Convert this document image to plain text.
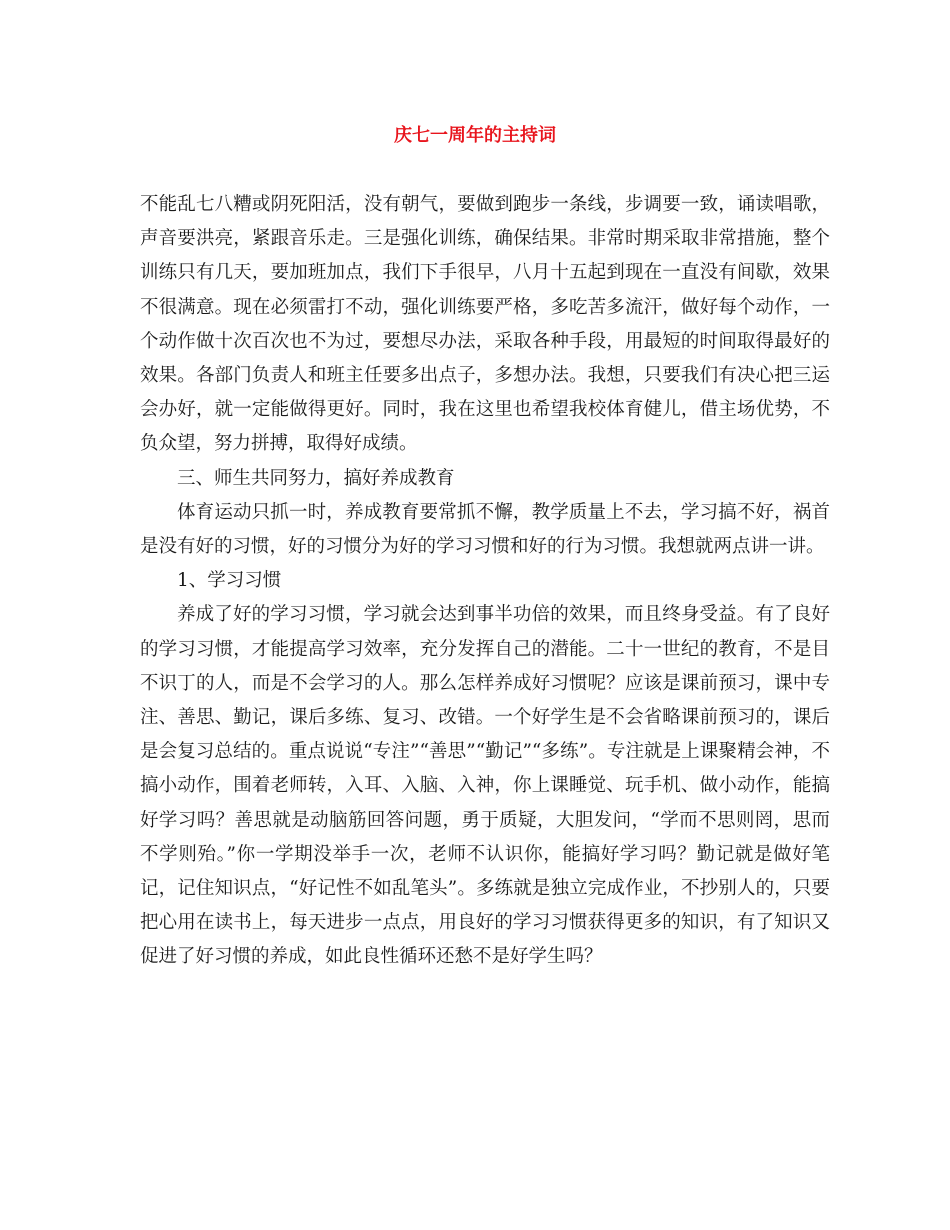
庆七一周年的主持词

不能乱七八糟或阴死阳活，没有朝气，要做到跑步一条线，步调要一致，诵读唱歌，声音要洪亮，紧跟音乐走。三是强化训练，确保结果。非常时期采取非常措施，整个训练只有几天，要加班加点，我们下手很早，八月十五起到现在一直没有间歇，效果不很满意。现在必须雷打不动，强化训练要严格，多吃苦多流汗，做好每个动作，一个动作做十次百次也不为过，要想尽办法，采取各种手段，用最短的时间取得最好的效果。各部门负责人和班主任要多出点子，多想办法。我想，只要我们有决心把三运会办好，就一定能做得更好。同时，我在这里也希望我校体育健儿，借主场优势，不负众望，努力拼搏，取得好成绩。

三、师生共同努力，搞好养成教育

体育运动只抓一时，养成教育要常抓不懈，教学质量上不去，学习搞不好，祸首是没有好的习惯，好的习惯分为好的学习习惯和好的行为习惯。我想就两点讲一讲。

1、学习习惯

养成了好的学习习惯，学习就会达到事半功倍的效果，而且终身受益。有了良好的学习习惯，才能提高学习效率，充分发挥自己的潜能。二十一世纪的教育，不是目不识丁的人，而是不会学习的人。那么怎样养成好习惯呢？应该是课前预习，课中专注、善思、勤记，课后多练、复习、改错。一个好学生是不会省略课前预习的，课后是会复习总结的。重点说说“专注”“善思”“勤记”“多练”。专注就是上课聚精会神，不搞小动作，围着老师转，入耳、入脑、入神，你上课睡觉、玩手机、做小动作，能搞好学习吗？善思就是动脑筋回答问题，勇于质疑，大胆发问，“学而不思则罔，思而不学则殆。”你一学期没举手一次，老师不认识你，能搞好学习吗？勤记就是做好笔记，记住知识点，“好记性不如乱笔头”。多练就是独立完成作业，不抄别人的，只要把心用在读书上，每天进步一点点，用良好的学习习惯获得更多的知识，有了知识又促进了好习惯的养成，如此良性循环还愁不是好学生吗？
